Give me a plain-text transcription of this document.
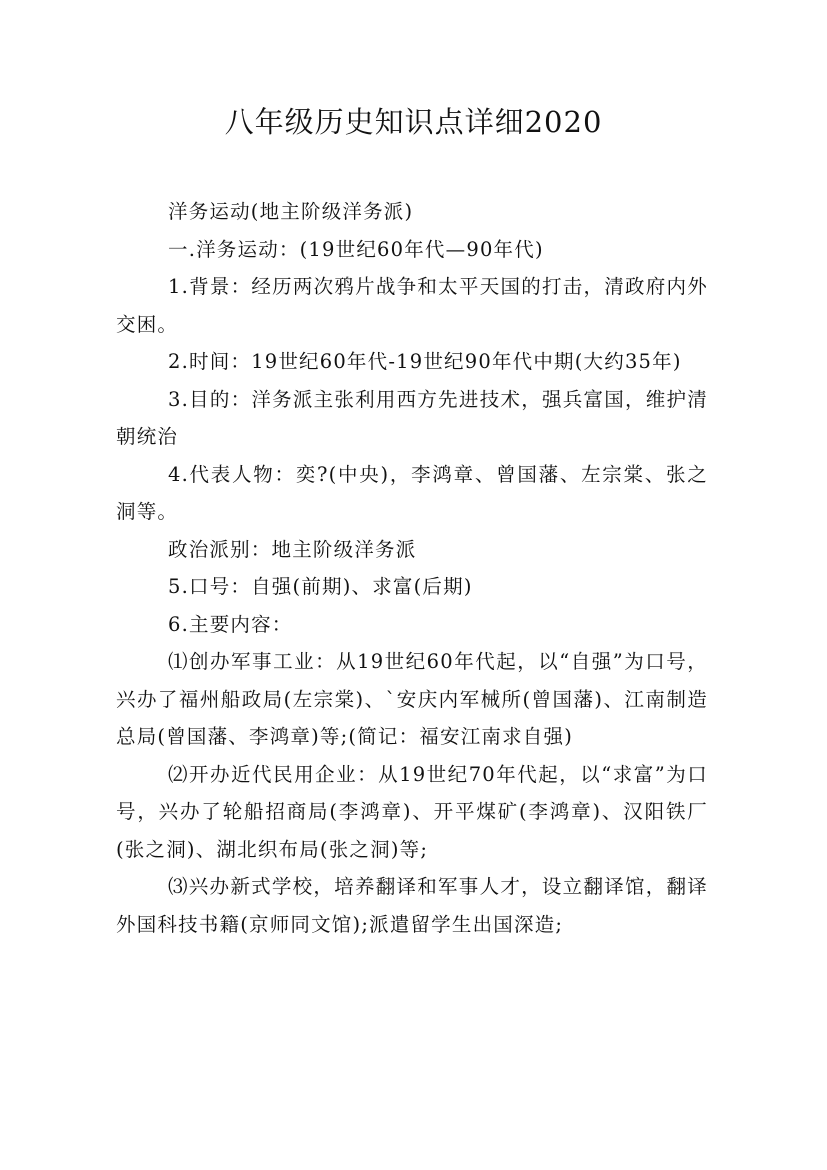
八年级历史知识点详细2020

洋务运动(地主阶级洋务派)

一.洋务运动：(19世纪60年代—90年代)

1.背景：经历两次鸦片战争和太平天国的打击，清政府内外交困。

2.时间：19世纪60年代-19世纪90年代中期(大约35年)

3.目的：洋务派主张利用西方先进技术，强兵富国，维护清朝统治

4.代表人物：奕?(中央)，李鸿章、曾国藩、左宗棠、张之洞等。

政治派别：地主阶级洋务派

5.口号：自强(前期)、求富(后期)

6.主要内容：

⑴创办军事工业：从19世纪60年代起，以“自强”为口号，兴办了福州船政局(左宗棠)、`安庆内军械所(曾国藩)、江南制造总局(曾国藩、李鸿章)等;(简记：福安江南求自强)

⑵开办近代民用企业：从19世纪70年代起，以“求富”为口号，兴办了轮船招商局(李鸿章)、开平煤矿(李鸿章)、汉阳铁厂(张之洞)、湖北织布局(张之洞)等;

⑶兴办新式学校，培养翻译和军事人才，设立翻译馆，翻译外国科技书籍(京师同文馆);派遣留学生出国深造;
